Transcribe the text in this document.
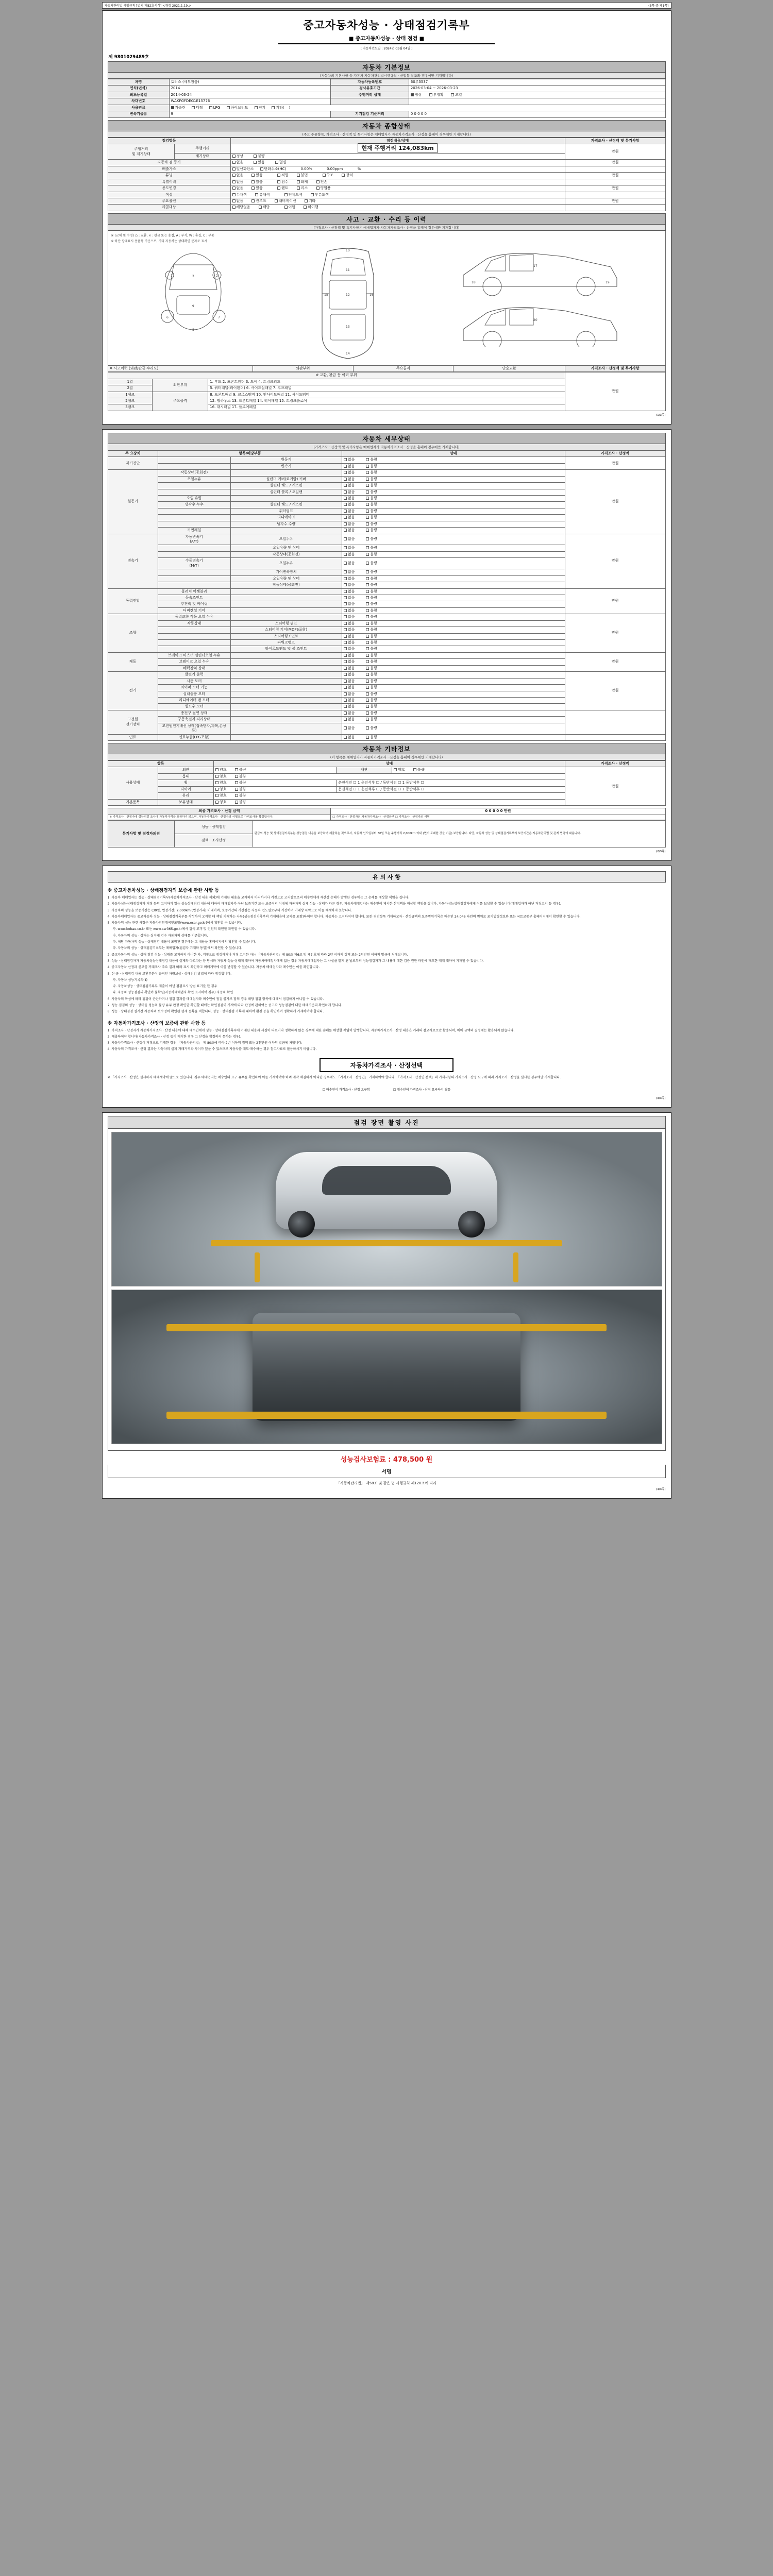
자동차관리법 시행규칙 [별지 제82호서식] <개정 2021.1.19.>	(3쪽 중 제1쪽)
중고자동차성능 · 상태점검기록부
■ 중고자동차성능 · 상태 점검 ■
[ 자동차인도일 : 2024년 03월 04일 ]
제 9801029489호
자동차 기본정보
(자동차의 기본사항 등 자동차 자동차관리법시행규칙 · 산업통 참조와 경우에만 기재합니다)
차명	토러스 (세부참음)	자동차등록번호	60루3537
연식(년식)	2014	검사유효기간	2026-03-04 ~ 2026-03-23
최초등록일	2014-03-24	주행거리 상태	정상 부정확 오일
차대번호	WAKFGFDEG1E15776		
사용연료	가솔린 디젤 LPG 하이브리드 전기 기타(    )		
변속기종류	9	기기점검 기준거리	0 0 0 0 0
자동차 종합상태
(주요 주유항목, 가격조사 · 산정액 및 특기사항은 매매업자가 자동차가격조사 · 산정을 홈페이 경우에만 기재합니다)
점검항목		점검내용/상태	가격조사 · 산정액 및 특기사항
주행거리
및 계기상태	주행거리	현재 주행거리 124,083km	만원
	계기상태	정상 불량	
자동차 검 등기		없음 있음 멸실	만원
배출가스		일산화탄소 탄화수소(HC) 0.00% 0.00ppm %	
튜닝		없음 있음 적법 불법 구조 장치	만원
특별이력		없음 있음 침수 화재 전손	
용도변경		없음 있음 렌트 리스 영업용	만원
색상		무채색 유채색 전체도색 부분도색	
주요옵션		없음 썬루프 내비게이션 기타	만원
리콜대상		해당없음 해당 이행 미이행	
사고 · 교환 · 수리 등 이력
(가격조사 · 산정액 및 특기사항은 매매업자가 자동차가격조사 · 산정을 홈페이 경우에만 기재합니다)
※ (교체 및 수정) ○ : 교환, × : 판금 또는 용접, A : 부식, W : 흠집, C : 부품
※ 하단 상태표시 용품목 기준으로, 기타 자동차는 상태확인 문자로 표시
1	2
3
9
6	7
8
10
11
12
13
14
15	16
17
18	19
20
※ 사고이력 (외판/판금 수리도)	외판부위	주요골격	단순교환	가격조사 · 산정액 및 특기사항
※ 교환, 판금 등 이력 부위			만원
1열	외판부위	1. 후드 2. 프론트휀더 3. 도어 4. 트렁크리드	
2열		5. 쿼터패널(리어휀더) 6. 사이드실패널 7. 루프패널	
1랭크	주요골격	8. 프론트패널 9. 크로스멤버 10. 인사이드패널 11. 사이드멤버	
2랭크		12. 휠하우스 13. 프론트패널 14. 리어패널 15. 트렁크플로어	
3랭크		16. 대시패널 17. 플로어패널	
(1/3쪽)
자동차 세부상태
(가격조사 · 산정액 및 특기사항은 매매업자가 자동차가격조사 · 산정을 홈페이 경우에만 기재합니다)
주 요장치	항목/해당부품		상태	가격조사 · 산정액
자기진단		원동기	없음 불량	만원
		변속기	없음 불량	
원동기	작동상태(공회전)		없음 불량	만원
	오일누유	실린더 커버(로커암) 커버	없음 불량	
		실린더 헤드 / 개스킷	없음 불량	
		실린더 블록 / 오일팬	없음 불량	
	오일 유량		없음 불량	
	냉각수 누수	실린더 헤드 / 개스킷	없음 불량	
		워터펌프	없음 불량	
		라디에이터	없음 불량	
		냉각수 수량	없음 불량	
	커먼레일		없음 불량	
변속기	자동변속기
(A/T)	오일누유	없음 불량	만원
		오일유량 및 상태	없음 불량	
		작동상태(공회전)	없음 불량	
	수동변속기
(M/T)	오일누유	없음 불량	
		기어변속장치	없음 불량	
		오일유량 및 상태	없음 불량	
		작동상태(공회전)	없음 불량	
동력전달	클러치 어셈블리		없음 불량	만원
	등속조인트		없음 불량	
	추진축 및 베어링		없음 불량	
	디퍼렌셜 기어		없음 불량	
조향	동력조향 작동 오일 누유		없음 불량	만원
	작동상태	스티어링 펌프	없음 불량	
		스티어링 기어(MDPS포함)	없음 불량	
		스티어링조인트	없음 불량	
		파워크랭크	없음 불량	
		타이로드엔드 및 볼 조인트	없음 불량	
제동	브레이크 마스터 실린더오일 누유		없음 불량	만원
	브레이크 오일 누유		없음 불량	
	배력장치 상태		없음 불량	
전기	발전기 출력		없음 불량	만원
	시동 모터		없음 불량	
	와이퍼 모터 기능		없음 불량	
	실내송풍 모터		없음 불량	
	라디에이터 팬 모터		없음 불량	
	윈도우 모터		없음 불량	
고전원
전기장치	충전구 절연 상태		없음 불량	
	구동축전지 격리상태		없음 불량	
	고전원전기배선 상태(접속단자,피복,손상등)		없음 불량	
연료	연료누출(LPG포함)		없음 불량	
자동차 기타정보
(이 항목은 매매업자가 자동차가격조사 · 산정을 홈페이 경우에만 기재합니다)
항목		상태			가격조사 · 산정액
사용상태	외관	양호 불량	내관	양호 불량	만원
	룸내	양호 불량			
	휠	양호 불량	운전석전 ☐ 1 운전석후 ☐ / 동반석전 ☐ 1 동반석후 ☐		
	타이어	양호 불량	운전석전 ☐ 1 운전석후 ☐ / 동반석전 ☐ 1 동반석후 ☐		
	유리	양호 불량			
기본품목	보유상태	양호 불량			
최종 가격조사 · 산정 금액	0 0 0 0 0 만원
※ 가격조사 · 산정자에 성능점검 조사에 자동차가격을 포함하지 않으며, 자동차가격조사 · 산정자의 서명으로 가격조사를 확정합니다.	☐ 가격조사 · 산정자의 자동차가격조사 · 산정금액 ☐ 가격조사 · 산정자의 서명
특기사항 및 점검자의견	성능 · 상태점검	판금의 성능 및 상태점검기록부는 성능점검 내용을 보증하며 제출하는 것으로서, 자동차 인도일부터 30일 또는 주행거리 2,000km 이내 (먼저 도래한 것을 기준) 보증합니다. 다만, 자동차 성능 및 상태점검기록부의 보증기간은 자동차관리법 및 관계 법령에 따릅니다.
검색 · 조사산정
(2/3쪽)
유 의 사 항
※ 중고자동차성능 · 상태점검자의 보증에 관한 사항 등

1. 자동차 매매업자는 성능 · 상태점검기록부(자동차가격조사 · 산정 내용 제외)에 기재한 내용을 고지하지 아니하거나 거짓으로 고지함으로써 매수인에게 재산상 손해가 발생한 경우에는 그 손해를 배상할 책임을 집니다.

2. 자동차성능상태점검자가 거짓 등의 고지하기 있는 성능상태점검 내용에 대하여 매매업자가 아닌 보증기간 또는 보증거리 이내에 자동차의 실제 성능 · 상태가 다른 경우, 자동차매매업자는 매수인이 제시한 산정액을 배상할 책임을 집니다. 자동차성능상태점검자에게 이를 보상할 수 있습니다(매매업자가 아닌 거짓고지 등 경우).

3. 자동차의 성능을 보증기간은 (30일, 법정기간) 2,000km (법정거리) 이내이며, 보증기간의 기산점은 자동차 인도일로부터 기산하며 거래상 특약으로 이를 배제하지 못합니다.

4. 자동차매매업자는 중고자동차 성능 · 상태점검기록부를 작성하여 고지할 때 책임 기재하는 사항(성능점검기록부의 기재내용에 고지를 포함)하여야 합니다. 자동차는 고지하여야 합니다. 또한 점검항목 기재하고자 · 산정금액의 보증범위기록은 매수인 24,046 타인의 범위로 포기법령정보와 또는 국토교통부 홈페이지에서 확인할 수 있습니다.

5. 자동차의 성능 관련 사항은 자동차민원대국민포털(www.ecar.go.kr)에서 확인할 수 있습니다.

가. www.bobae.co.kr 또는 www.car365.go.kr에서 검색 고객 및 민원의 확인할 확인할 수 있습니다.

나. 자동차의 성능 · 상태는 실거래 건수 자동차의 상태를 기준합니다.

다. 해당 자동차의 성능 · 상태점검 내용이 포함된 경우에는 그 내용을 홈페이지에서 확인할 수 있습니다.

라. 자동차의 성능 · 상태점검기록부는 매매업자(점검자 기재와 동일)에서 확인할 수 있습니다.

2. 중고자동차의 성능 · 상태 점검 성능 · 상태를 고지하지 아니한 자, 거짓으로 점검하거나 거짓 고지한 자는 「자동차관리법」제 80조 제6조 및 제7 호에 따라 2년 이하의 징역 또는 2천만원 이하의 벌금에 처해집니다.

3. 성능 · 상태점검자가 자동차성능상태점검 내용이 실제와 다르다는 등 당시와 자동차 성능·상태에 대하여 자동차매매업자에게 없는 경우 자동차매매업자는 그 사실을 알게 된 날로부터 성능점검자가 그 내용에 대한 검증 권한 라인에 매도한 매매 대하여 기재할 수 있습니다.

4. 중고자동차 산정과 신고를 거래조사 주요 결과 따라 표시 확인하고 매매계약에 이를 반영할 수 있습니다. 자동차 매매업자와 매수인은 이를 확인합니다.

5. 신 규 · 상태점검 내용 교환부분이 공적인 차량보상 · 상태점검 방법에 따라 점검합니다.

가. 자동차 성능기록의(Ⅱ)

나. 자동차성능 · 상태점검기록부 제출이 아닌 점검표시 방법 표기를 한 경우

다. 자동차 성능점검의 확인이 불확실(자동차매매업자 확인 표시하여 경우) 자동차 확인

6. 자동차의 특성에 따라 점검이 곤란하거나 점검 결과를 매매업자와 매수인이 점검 불가로 합의 경우 해당 점검 항목에 대해서 점검하지 아니할 수 있습니다.

7. 성능 점검의 성능 · 상태를 성능의 불량 유무 판정 확인한 확인할 때에는 확인점검이 기재에 따라 판정에 관하여는 중고차 성능점검에 대한 매매기준의 확인하게 합니다.

8. 성능 · 상태점검 실시간 자동차의 보수정비 확인된 현재 등록을 적합니다. 성능 · 상태점검 기록에 대하여 환경 등을 확인하여 명확하게 기재하여야 합니다.

※ 자동차가격조사 · 산정의 보증에 관한 사항 등

1. 가격조사 · 산정자가 자동차가격조사 · 산정 내용에 대해 매수인에게 성능 · 상태점검기록부에 기재한 내용과 사실이 다르거나 정확하지 않은 경우에 대한 손해를 배상할 책임이 발생합니다. 자동차가격조사 · 산정 내용은 거래의 참고자료로만 활용되며, 매매 금액의 결정에는 활용되지 않습니다.

2. 제출하여야 합니다(자동차가격조사 · 산정 등이 제시한 경우 그 산정을 확정하지 못하는 경우).

3. 자동차가격조사 · 산정이 거짓으로 기재한 경우 「자동차관리법」 제 80조에 따라 2년 이하의 징역 또는 2천만원 이하의 벌금에 처합니다.

4. 자동차의 가격조사 · 산정 결과는 자동차의 실제 거래가격과 차이가 있을 수 있으므로 자동차를 매도·매수하는 경우 참고자료로 활용하시기 바랍니다.

자동차가격조사 · 산정선택

※ 「가격조사 · 산정은 실시하지 매매계약에 앞으로 있습니다. 경우 매매업자는 매수인의 요구 유무를 확인하여 이를 기재하여야 하며 계약 체결하지 아니한 경우에도 「가격조사 · 산정인」 기재하여야 합니다. 「가격조사 · 산정인 선택」의 기재사항의 가격조사 · 산정 요구에 따라 가격조사 · 산정을 실시한 경우에만 기재합니다.

☐ 매수인이 가격조사 · 산정 요구함	☐ 매수인이 가격조사 · 산정 요구하지 않음
(3/3쪽)
점검 장면 촬영 사진
성능검사보험료 : 478,500 원
서명
「자동차관리법」 제58조 및 같은 법 시행규칙 제120조에 따라
(4/3쪽)
